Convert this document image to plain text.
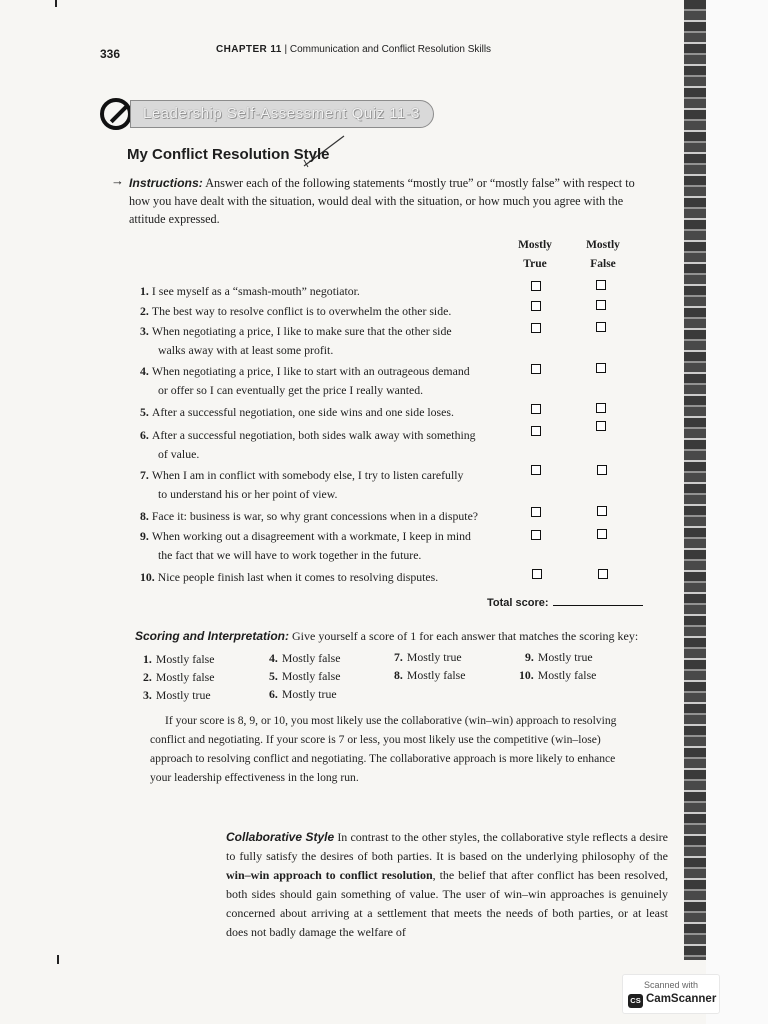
336	CHAPTER 11 | Communication and Conflict Resolution Skills
Leadership Self-Assessment Quiz 11-3
My Conflict Resolution Style
→ Instructions: Answer each of the following statements “mostly true” or “mostly false” with respect to how you have dealt with the situation, would deal with the situation, or how much you agree with the attitude expressed.
Mostly
True
Mostly
False
1. I see myself as a “smash-mouth” negotiator.
2. The best way to resolve conflict is to overwhelm the other side.
3. When negotiating a price, I like to make sure that the other side
walks away with at least some profit.
4. When negotiating a price, I like to start with an outrageous demand
or offer so I can eventually get the price I really wanted.
5. After a successful negotiation, one side wins and one side loses.
6. After a successful negotiation, both sides walk away with something
of value.
7. When I am in conflict with somebody else, I try to listen carefully
to understand his or her point of view.
8. Face it: business is war, so why grant concessions when in a dispute?
9. When working out a disagreement with a workmate, I keep in mind
the fact that we will have to work together in the future.
10. Nice people finish last when it comes to resolving disputes.
Total score:
Scoring and Interpretation: Give yourself a score of 1 for each answer that matches the scoring key:
1. Mostly false
2. Mostly false
3. Mostly true
4. Mostly false
5. Mostly false
6. Mostly true
7. Mostly true
8. Mostly false
9. Mostly true
10. Mostly false
If your score is 8, 9, or 10, you most likely use the collaborative (win–win) approach to resolving conflict and negotiating. If your score is 7 or less, you most likely use the competitive (win–lose) approach to resolving conflict and negotiating. The collaborative approach is more likely to enhance your leadership effectiveness in the long run.
Collaborative Style In contrast to the other styles, the collaborative style reflects a desire to fully satisfy the desires of both parties. It is based on the underlying philosophy of the win–win approach to conflict resolution, the belief that after conflict has been resolved, both sides should gain something of value. The user of win–win approaches is genuinely concerned about arriving at a settlement that meets the needs of both parties, or at least does not badly damage the welfare of
Scanned with
CS CamScanner
